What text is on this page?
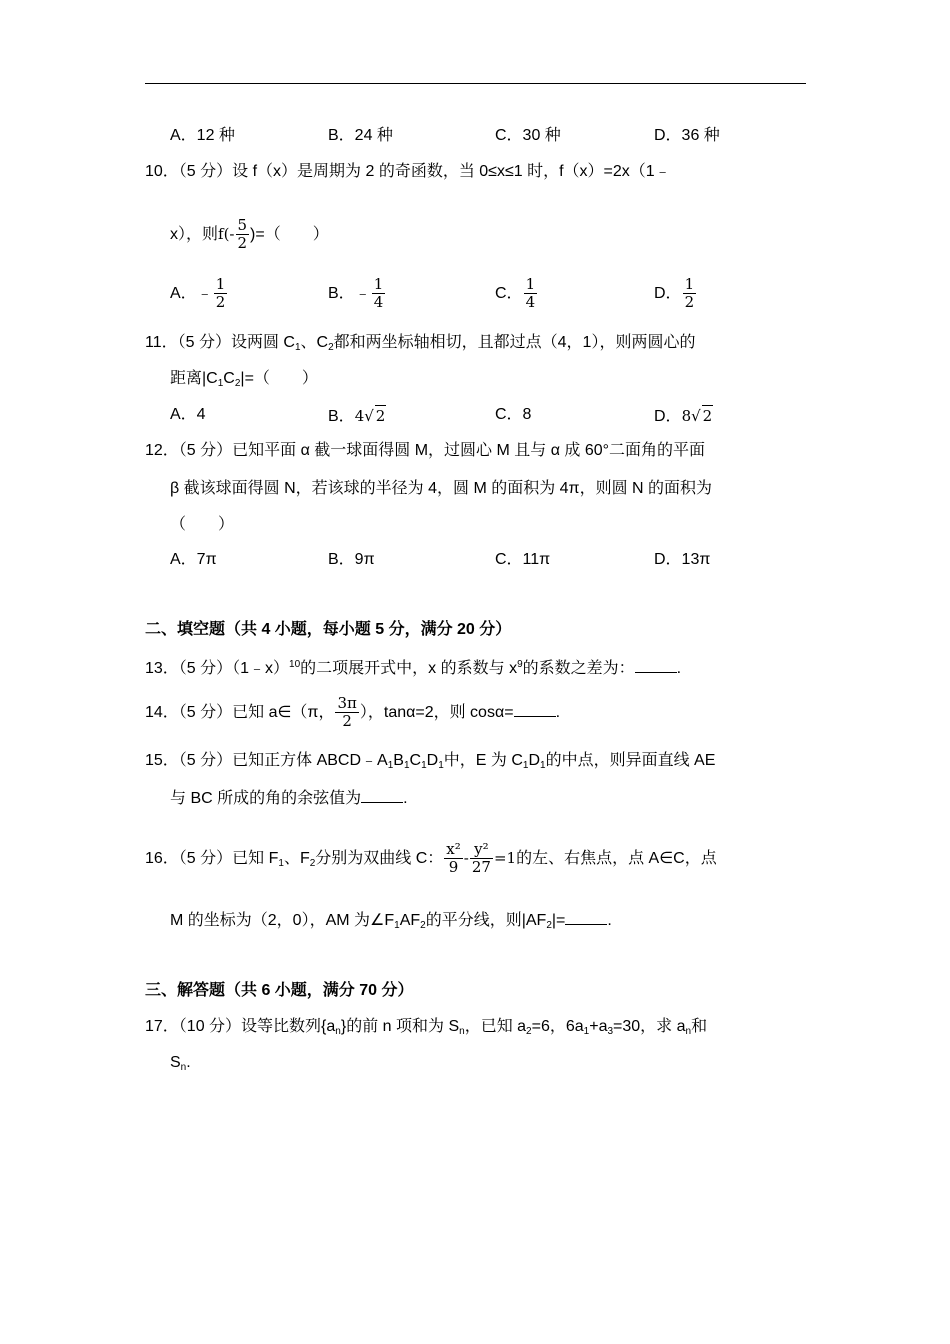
A．12 种	B．24 种	C．30 种	D．36 种
10．（5 分）设 f（x）是周期为 2 的奇函数，当 0≤x≤1 时，f（x）=2x（1﹣
x），则$f(- \frac{5}{2}$ )=（　　）
A．﹣ $\frac{1}{2}$	B．﹣ $\frac{1}{4}$	C． $\frac{1}{4}$	D． $\frac{1}{2}$
11．（5 分）设两圆 $C_1$、$C_2$都和两坐标轴相切，且都过点（4，1），则两圆心的
距离$|C_1C_2|=$（　　）
A．4	B．4√ 2	C．8	D．8√ 2
12．（5 分）已知平面 α 截一球面得圆 M，过圆心 M 且与 α 成 60°二面角的平面
β 截该球面得圆 N，若该球的半径为 4，圆 M 的面积为 4π，则圆 N 的面积为
（　　）
A．7π	B．9π	C．11π	D．13π
二、填空题（共 4 小题，每小题 5 分，满分 20 分）
13．（5 分）（1﹣x）$^{10}$的二项展开式中，x 的系数与 $x^9$的系数之差为：	.
14．（5 分）已知 a∈（π， $\frac{3\pi}{2}$ ），tanα=2，则 cosα=	.
15．（5 分）已知正方体 $ABCD﹣A_1B_1C_1D_1$中，E 为 $C_1D_1$的中点，则异面直线 AE
与 BC 所成的角的余弦值为	.
16．（5 分）已知 $F_1$、$F_2$分别为双曲线 C： $\frac{\text{x²}}{9} - \frac{\text{y²}}{27} =1$的左、右焦点，点 A∈C，点
M 的坐标为（2，0），AM 为$\angle F_1AF_2$的平分线，则$|AF_2|=$	.
三、解答题（共 6 小题，满分 70 分）
17．（10 分）设等比数列$\{a_n\}$的前 n 项和为 $S_n$，已知 $a_2=6$，$6a_1+a_3=30$，求 $a_n$和
$S_n$.
